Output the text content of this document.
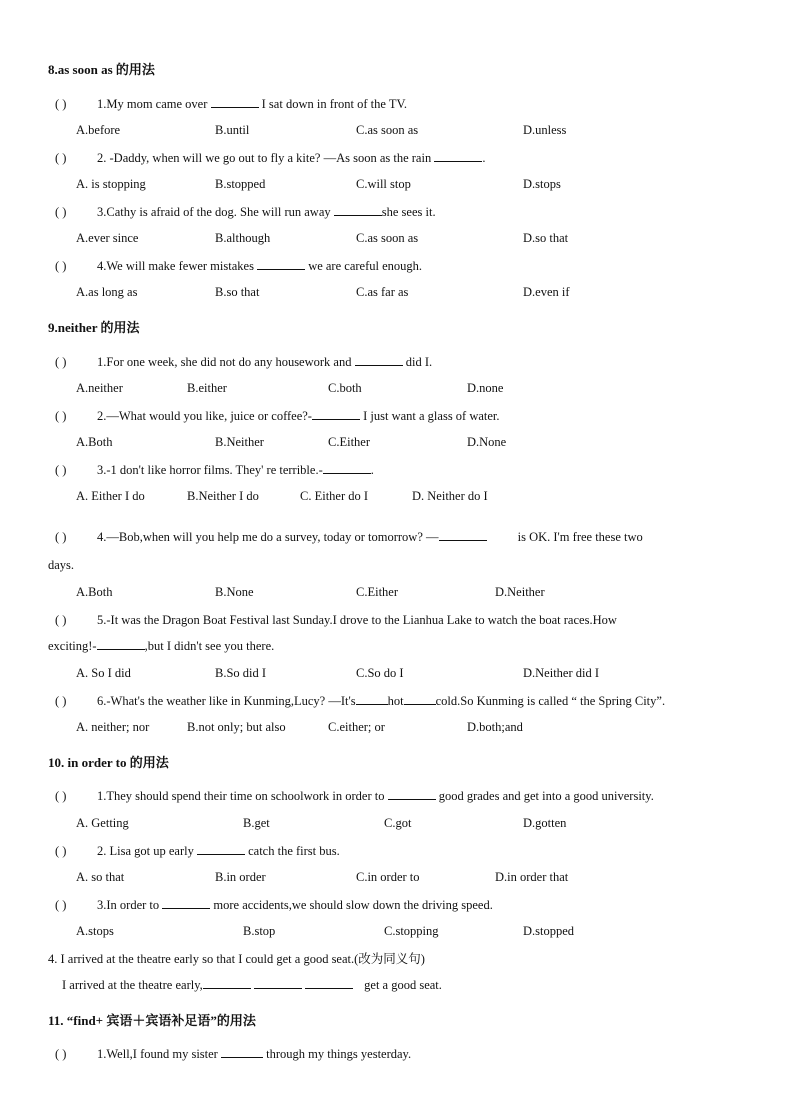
8.as soon as 的用法
( ) 1.My mom came over	I sat down in front of the TV.
A.before	B.until	C.as soon as	D.unless
( ) 2. -Daddy, when will we go out to fly a kite? —As soon as the rain	.
A. is stopping	B.stopped	C.will stop	D.stops
( ) 3.Cathy is afraid of the dog. She will run away	she sees it.
A.ever since	B.although	C.as soon as	D.so that
( ) 4.We will make fewer mistakes	we are careful enough.
A.as long as	B.so that	C.as far as	D.even if
9.neither 的用法
( ) 1.For one week, she did not do any housework and	did I.
A.neither	B.either	C.both	D.none
( ) 2.—What would you like, juice or coffee?-	I just want a glass of water.
A.Both	B.Neither	C.Either	D.None
( ) 3.-1 don't like horror films. They' re terrible.-	.
A. Either I do	B.Neither I do	C. Either do I	D. Neither do I
( ) 4.—Bob,when will you help me do a survey, today or tomorrow? —	is OK. I'm free these two
days.
A.Both	B.None	C.Either	D.Neither
( ) 5.-It was the Dragon Boat Festival last Sunday.I drove to the Lianhua Lake to watch the boat races.How
exciting!-	,but I didn't see you there.
A. So I did	B.So did I	C.So do I	D.Neither did I
( ) 6.-What's the weather like in Kunming,Lucy? —It's	hot	cold.So Kunming is called “ the Spring City”.
A. neither; nor	B.not only; but also	C.either; or	D.both;and
10. in order to 的用法
( ) 1.They should spend their time on schoolwork in order to	good grades and get into a good university.
A. Getting	B.get	C.got	D.gotten
( ) 2. Lisa got up early	catch the first bus.
A. so that	B.in order	C.in order to	D.in order that
( ) 3.In order to	more accidents,we should slow down the driving speed.
A.stops	B.stop	C.stopping	D.stopped
4. I arrived at the theatre early so that I could get a good seat.(改为同义句)
I arrived at the theatre early,	get a good seat.
11. “find+ 宾语＋宾语补足语”的用法
( ) 1.Well,I found my sister	through my things yesterday.
